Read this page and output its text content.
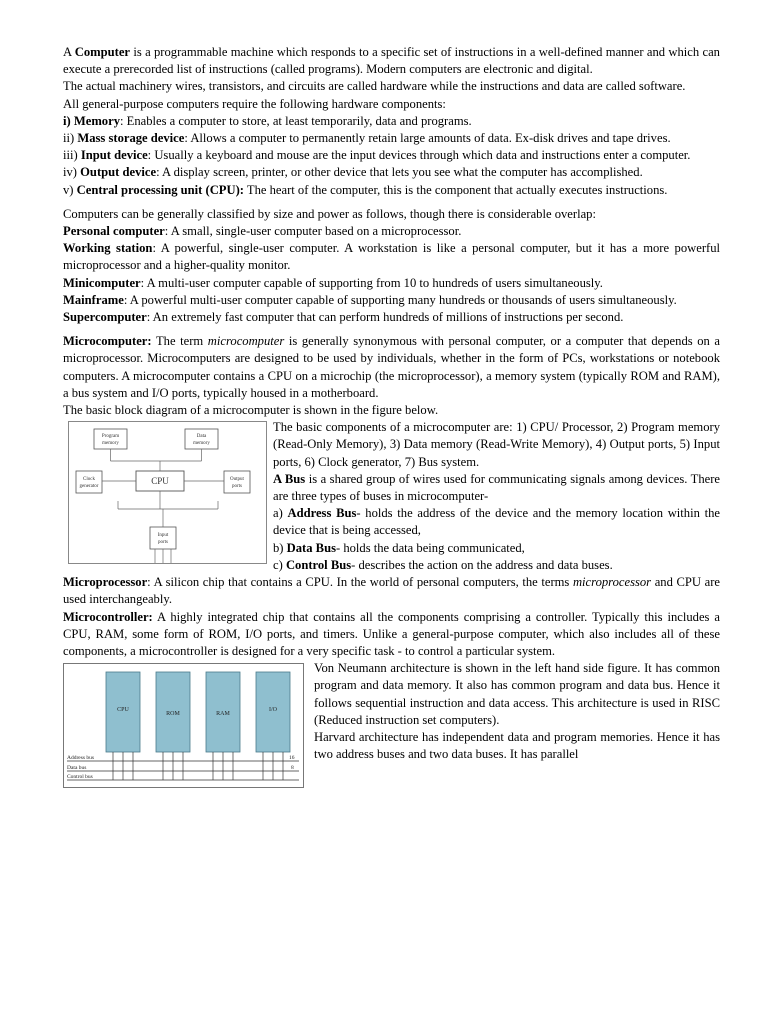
A Computer is a programmable machine which responds to a specific set of instructions in a well-defined manner and which can execute a prerecorded list of instructions (called programs). Modern computers are electronic and digital.

The actual machinery wires, transistors, and circuits are called hardware while the instructions and data are called software.

All general-purpose computers require the following hardware components:

i) Memory: Enables a computer to store, at least temporarily, data and programs.

ii) Mass storage device: Allows a computer to permanently retain large amounts of data. Ex-disk drives and tape drives.

iii) Input device: Usually a keyboard and mouse are the input devices through which data and instructions enter a computer.

iv) Output device: A display screen, printer, or other device that lets you see what the computer has accomplished.

v) Central processing unit (CPU): The heart of the computer, this is the component that actually executes instructions.

Computers can be generally classified by size and power as follows, though there is considerable overlap:

Personal computer: A small, single-user computer based on a microprocessor.

Working station: A powerful, single-user computer. A workstation is like a personal computer, but it has a more powerful microprocessor and a higher-quality monitor.

Minicomputer: A multi-user computer capable of supporting from 10 to hundreds of users simultaneously.

Mainframe: A powerful multi-user computer capable of supporting many hundreds or thousands of users simultaneously.

Supercomputer: An extremely fast computer that can perform hundreds of millions of instructions per second.

Microcomputer: The term microcomputer is generally synonymous with personal computer, or a computer that depends on a microprocessor. Microcomputers are designed to be used by individuals, whether in the form of PCs, workstations or notebook computers. A microcomputer contains a CPU on a microchip (the microprocessor), a memory system (typically ROM and RAM), a bus system and I/O ports, typically housed in a motherboard.

The basic block diagram of a microcomputer is shown in the figure below.

Program
memory
Data
memory
Clock
generator
CPU	Output
ports
Input
ports

The basic components of a microcomputer are: 1) CPU/ Processor, 2) Program memory (Read-Only Memory), 3) Data memory (Read-Write Memory), 4) Output ports, 5) Input ports, 6) Clock generator, 7) Bus system.

A Bus is a shared group of wires used for communicating signals among devices. There are three types of buses in microcomputer-

a) Address Bus- holds the address of the device and the memory location within the device that is being accessed,

b) Data Bus- holds the data being communicated,

c) Control Bus- describes the action on the address and data buses.

Microprocessor: A silicon chip that contains a CPU. In the world of personal computers, the terms microprocessor and CPU are used interchangeably.

Microcontroller: A highly integrated chip that contains all the components comprising a controller. Typically this includes a CPU, RAM, some form of ROM, I/O ports, and timers. Unlike a general-purpose computer, which also includes all of these components, a microcontroller is designed for a very specific task - to control a particular system.

CPU
ROM	RAM
I/O
Address bus
Data bus
Control bus
16
8

Von Neumann architecture is shown in the left hand side figure. It has common program and data memory. It also has common program and data bus. Hence it follows sequential instruction and data access. This architecture is used in RISC (Reduced instruction set computers).

Harvard architecture has independent data and program memories. Hence it has two address buses and two data buses. It has parallel
